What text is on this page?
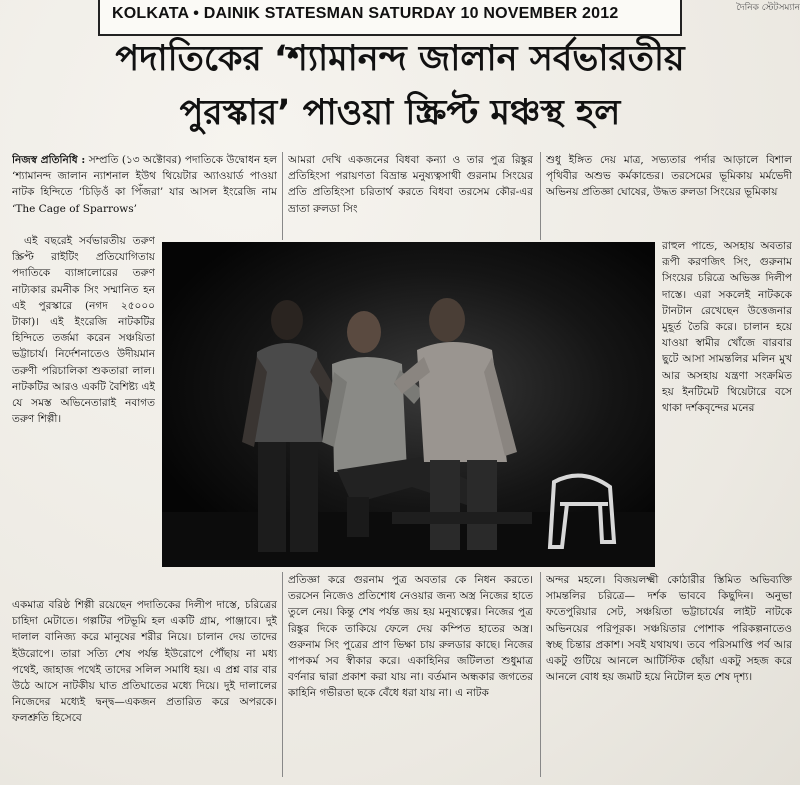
দৈনিক স্টেটসম্যান
KOLKATA • DAINIK STATESMAN SATURDAY 10 NOVEMBER 2012
পদাতিকের ‘শ্যামানন্দ জালান সর্বভারতীয়
পুরস্কার’ পাওয়া স্ক্রিপ্ট মঞ্চস্থ হল

নিজস্ব প্রতিনিধি : সম্প্রতি (১৩ অক্টোবর) পদাতিকে উদ্বোধন হল ‘শ্যামানন্দ জালান ন্যাশনাল ইউথ থিয়েটার অ্যাওয়ার্ড পাওয়া নাটক হিন্দিতে ‘চিড়িওঁ কা পিঁজরা’ যার আসল ইংরেজি নাম ‘The Cage of Sparrows’

এই বছরেই সর্বভারতীয় তরুণ স্ক্রিপ্ট রাইটিং প্রতিযোগিতায় পদাতিকে ব্যাঙ্গালোরের তরুণ নাট্যকার রমনীক সিং সম্মানিত হন এই পুরস্কারে (নগদ ২৫০০০ টাকা)। এই ইংরেজি নাটকটির হিন্দিতে তর্জমা করেন সঞ্চয়িতা ভট্টাচার্য। নির্দেশনাতেও উদীয়মান তরুণী পরিচালিকা শুকতারা লাল। নাটকটির আরও একটি বৈশিষ্ট্য এই যে সমস্ত অভিনেতারাই নবাগত তরুণ শিল্পী।

একমাত্র বরিষ্ঠ শিল্পী রয়েছেন পদাতিকের দিলীপ দাস্তে, চরিত্রের চাহিদা মেটাতে। গল্পটির পটভূমি হল একটি গ্রাম, পাঞ্জাবে। দুই দালাল বানিজ্য করে মানুষের শরীর নিয়ে। চালান দেয় তাদের ইউরোপে। তারা সত্যি শেষ পর্যন্ত ইউরোপে পৌঁছায় না মধ্য পথেই, জাহাজ পথেই তাদের সলিল সমাধি হয়। এ প্রশ্ন বার বার উঠে আসে নাটকীয় ঘাত প্রতিঘাতের মধ্যে দিয়ে। দুই দালালের নিজেদের মধ্যেই দ্বন্দ্ব—একজন প্রতারিত করে অপরকে। ফলশ্রুতি হিসেবে

আমরা দেখি একজনের বিধবা কন্যা ও তার পুত্র রিঙ্কুর প্রতিহিংসা পরায়ণতা বিভ্রান্ত মনুষ্যত্বসাথী গুরনাম সিংয়ের প্রতি প্রতিহিংসা চরিতার্থ করতে বিধবা তরসেম কৌর-এর ভ্রাতা রুলডা সিং

প্রতিজ্ঞা করে গুরনাম পুত্র অবতার কে নিধন করতে। তরসেন নিজেও প্রতিশোধ নেওয়ার জন্য অস্ত্র নিজের হাতে তুলে নেয়। কিন্তু শেষ পর্যন্ত জয় হয় মনুষ্যত্বের। নিজের পুত্র রিঙ্কুর দিকে তাকিয়ে ফেলে দেয় কম্পিত হাতের অস্ত্র। গুরুনাম সিং পুত্রের প্রাণ ভিক্ষা চায় রুলডার কাছে। নিজের পাপকর্ম সব স্বীকার করে। একাহিনির জটিলতা শুধুমাত্র বর্ণনার দ্বারা প্রকাশ করা যায় না। বর্তমান অন্ধকার জগতের কাহিনি গভীরতা ছকে বেঁধে ধরা যায় না। এ নাটক

শুধু ইঙ্গিত দেয় মাত্র, সভ্যতার পর্দার আড়ালে বিশাল পৃথিবীর অশুভ কর্মকান্ডের। তরসেমের ভূমিকায় মর্মভেদী অভিনয় প্রতিজ্ঞা ঘোষের, উদ্ধত রুলডা সিংয়ের ভূমিকায়

রাহুল পান্ডে, অসহায় অবতার রূপী করণজিৎ সিং, গুরুনাম সিংয়ের চরিত্রে অভিজ্ঞ দিলীপ দাস্তে। এরা সকলেই নাটককে টানটান রেখেছেন উত্তেজনার মুহূর্ত তৈরি করে। চালান হয়ে যাওয়া স্বামীর খোঁজে বারবার ছুটে আসা সামন্তলির মলিন মুখ আর অসহায় যন্ত্রণা সংক্রমিত হয় ইনটিমেট থিয়েটারে বসে থাকা দর্শকবৃন্দের মনের

অন্দর মহলে। বিজয়লক্ষ্মী কোঠারীর স্তিমিত অভিব্যক্তি সামন্তলির চরিত্রে— দর্শক ভাববে কিছুদিন। অনুভা ফতেপুরিয়ার সেট, সঞ্চয়িতা ভট্টাচার্যের লাইট নাটকে অভিনয়ের পরিপূরক। সঞ্চয়িতার পোশাক পরিকল্পনাতেও স্বচ্ছ চিন্তার প্রকাশ। সবই যথাযথ। তবে পরিসমাপ্তি পর্ব আর একটু গুটিয়ে আনলে আটিস্টিক ছোঁয়া একটু সহজ করে আনলে বোধ হয় জমাট হয়ে নিটোল হত শেষ দৃশ্য।
